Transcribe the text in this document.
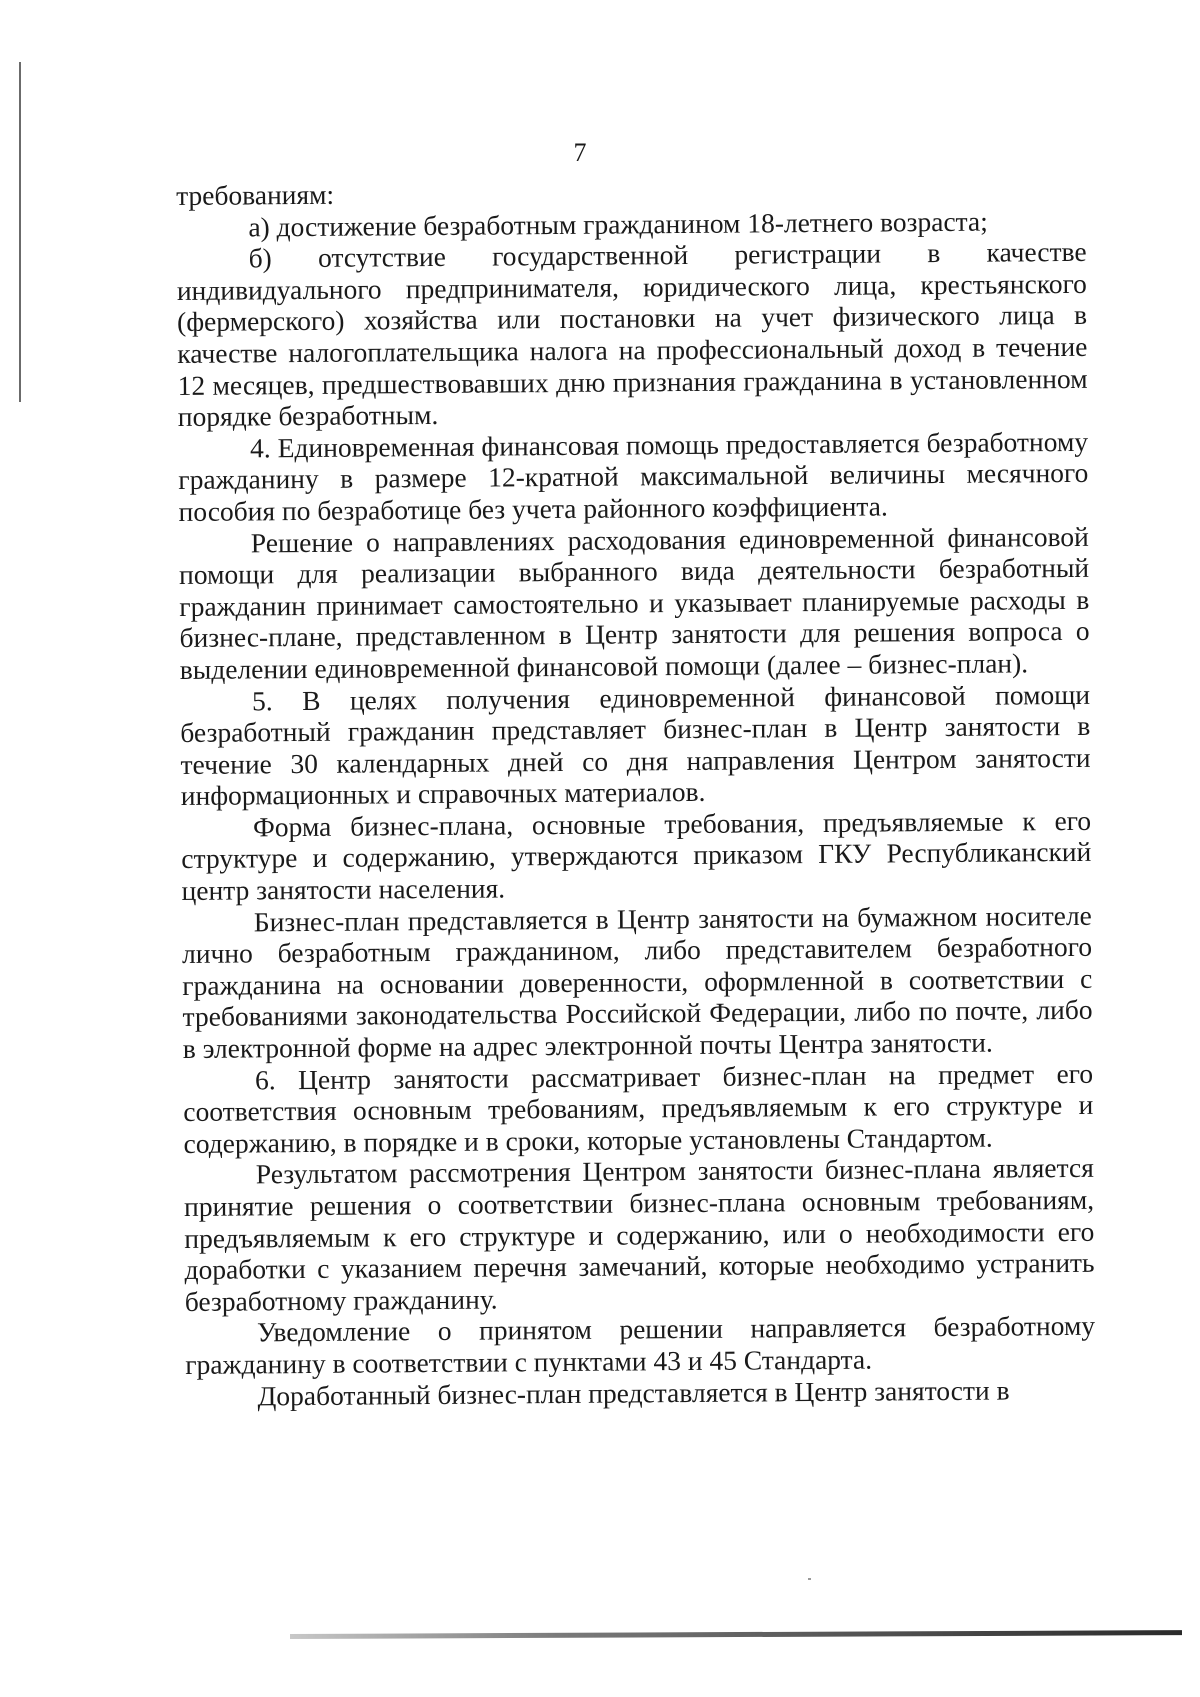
7

требованиям:

а) достижение безработным гражданином 18-летнего возраста;

б) отсутствие государственной регистрации в качестве индивидуального предпринимателя, юридического лица, крестьянского (фермерского) хозяйства или постановки на учет физического лица в качестве налогоплательщика налога на профессиональный доход в течение 12 месяцев, предшествовавших дню признания гражданина в установленном порядке безработным.

4. Единовременная финансовая помощь предоставляется безработному гражданину в размере 12-кратной максимальной величины месячного пособия по безработице без учета районного коэффициента.

Решение о направлениях расходования единовременной финансовой помощи для реализации выбранного вида деятельности безработный гражданин принимает самостоятельно и указывает планируемые расходы в бизнес-плане, представленном в Центр занятости для решения вопроса о выделении единовременной финансовой помощи (далее – бизнес-план).

5. В целях получения единовременной финансовой помощи безработный гражданин представляет бизнес-план в Центр занятости в течение 30 календарных дней со дня направления Центром занятости информационных и справочных материалов.

Форма бизнес-плана, основные требования, предъявляемые к его структуре и содержанию, утверждаются приказом ГКУ Республиканский центр занятости населения.

Бизнес-план представляется в Центр занятости на бумажном носителе лично безработным гражданином, либо представителем безработного гражданина на основании доверенности, оформленной в соответствии с требованиями законодательства Российской Федерации, либо по почте, либо в электронной форме на адрес электронной почты Центра занятости.

6. Центр занятости рассматривает бизнес-план на предмет его соответствия основным требованиям, предъявляемым к его структуре и содержанию, в порядке и в сроки, которые установлены Стандартом.

Результатом рассмотрения Центром занятости бизнес-плана является принятие решения о соответствии бизнес-плана основным требованиям, предъявляемым к его структуре и содержанию, или о необходимости его доработки с указанием перечня замечаний, которые необходимо устранить безработному гражданину.

Уведомление о принятом решении направляется безработному гражданину в соответствии с пунктами 43 и 45 Стандарта.

Доработанный бизнес-план представляется в Центр занятости в
